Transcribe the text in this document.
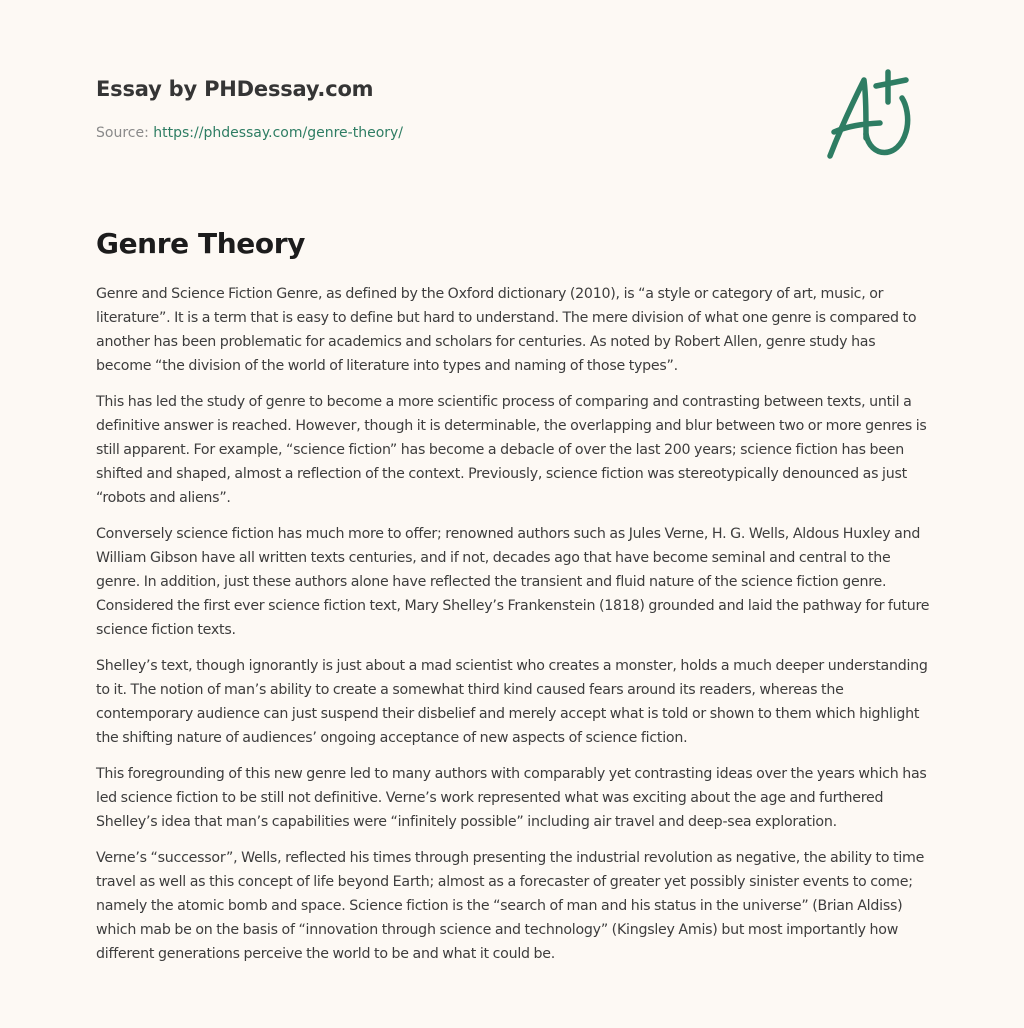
Essay by PHDessay.com
Source: https://phdessay.com/genre-theory/
Genre Theory

Genre and Science Fiction Genre, as defined by the Oxford dictionary (2010), is “a style or category of art, music, or literature”. It is a term that is easy to define but hard to understand. The mere division of what one genre is compared to another has been problematic for academics and scholars for centuries. As noted by Robert Allen, genre study has become “the division of the world of literature into types and naming of those types”.

This has led the study of genre to become a more scientific process of comparing and contrasting between texts, until a definitive answer is reached. However, though it is determinable, the overlapping and blur between two or more genres is still apparent. For example, “science fiction” has become a debacle of over the last 200 years; science fiction has been shifted and shaped, almost a reflection of the context. Previously, science fiction was stereotypically denounced as just “robots and aliens”.

Conversely science fiction has much more to offer; renowned authors such as Jules Verne, H. G. Wells, Aldous Huxley and William Gibson have all written texts centuries, and if not, decades ago that have become seminal and central to the genre. In addition, just these authors alone have reflected the transient and fluid nature of the science fiction genre. Considered the first ever science fiction text, Mary Shelley’s Frankenstein (1818) grounded and laid the pathway for future science fiction texts.

Shelley’s text, though ignorantly is just about a mad scientist who creates a monster, holds a much deeper understanding to it. The notion of man’s ability to create a somewhat third kind caused fears around its readers, whereas the contemporary audience can just suspend their disbelief and merely accept what is told or shown to them which highlight the shifting nature of audiences’ ongoing acceptance of new aspects of science fiction.

This foregrounding of this new genre led to many authors with comparably yet contrasting ideas over the years which has led science fiction to be still not definitive. Verne’s work represented what was exciting about the age and furthered Shelley’s idea that man’s capabilities were “infinitely possible” including air travel and deep-sea exploration.

Verne’s “successor”, Wells, reflected his times through presenting the industrial revolution as negative, the ability to time travel as well as this concept of life beyond Earth; almost as a forecaster of greater yet possibly sinister events to come; namely the atomic bomb and space. Science fiction is the “search of man and his status in the universe” (Brian Aldiss) which mab be on the basis of “innovation through science and technology” (Kingsley Amis) but most importantly how different generations perceive the world to be and what it could be.
